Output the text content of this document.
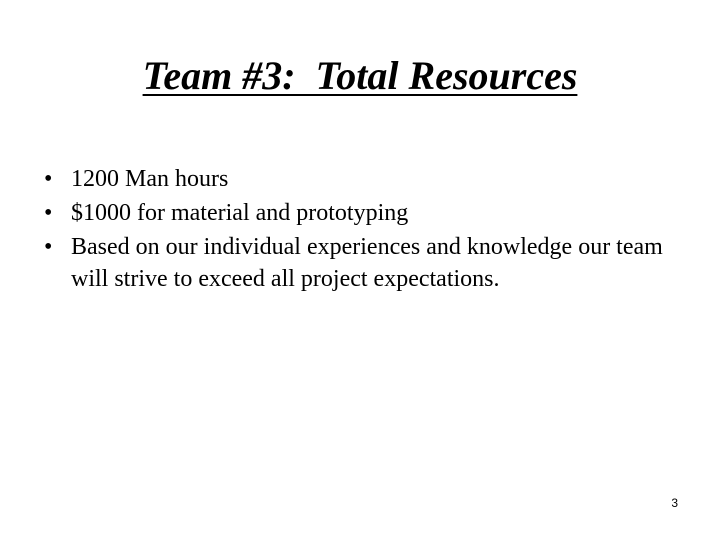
Team #3:  Total Resources
• 1200 Man hours
• $1000 for material and prototyping
• Based on our individual experiences and knowledge our team will strive to exceed all project expectations.
3
